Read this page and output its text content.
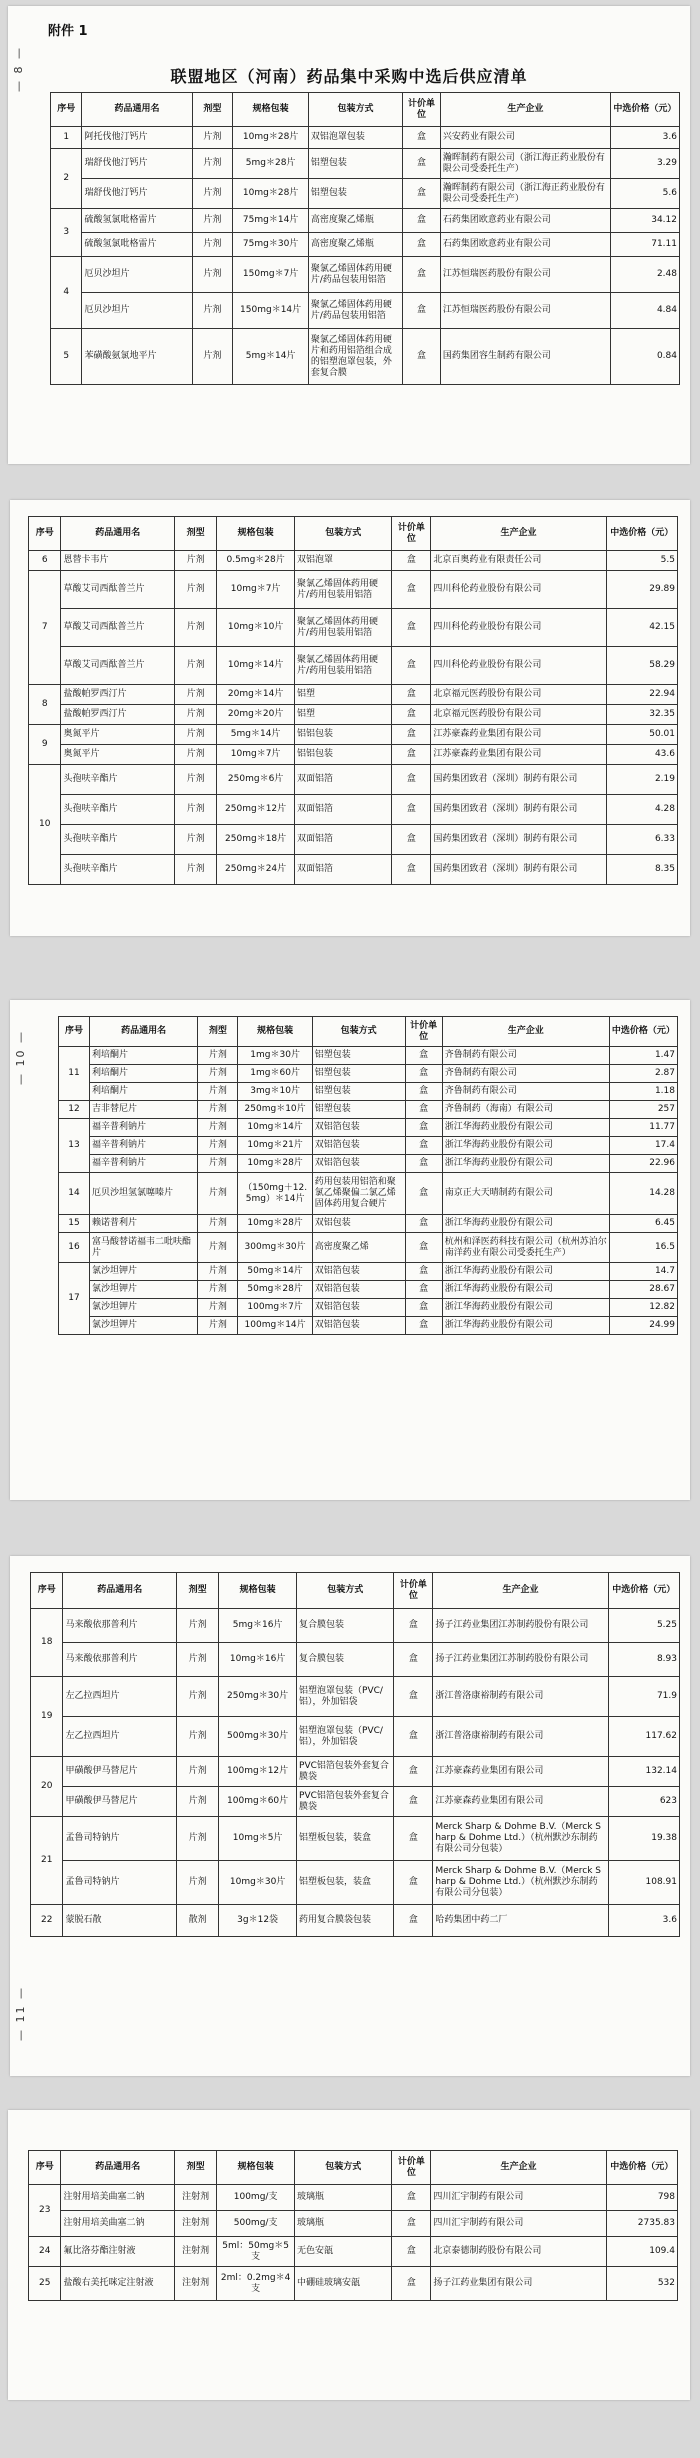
附件 1
— 8 —	联盟地区（河南）药品集中采购中选后供应清单
序号	药品通用名	剂型	规格包装	包装方式	计价单位	生产企业	中选价格（元）
1	阿托伐他汀钙片	片剂	10mg＊28片	双铝泡罩包装	盒	兴安药业有限公司	3.6
2	瑞舒伐他汀钙片	片剂	5mg＊28片	铝塑包装	盒	瀚晖制药有限公司（浙江海正药业股份有限公司受委托生产）	3.29
	瑞舒伐他汀钙片	片剂	10mg＊28片	铝塑包装	盒	瀚晖制药有限公司（浙江海正药业股份有限公司受委托生产）	5.6
3	硫酸氢氯吡格雷片	片剂	75mg＊14片	高密度聚乙烯瓶	盒	石药集团欧意药业有限公司	34.12
	硫酸氢氯吡格雷片	片剂	75mg＊30片	高密度聚乙烯瓶	盒	石药集团欧意药业有限公司	71.11
4	厄贝沙坦片	片剂	150mg＊7片	聚氯乙烯固体药用硬片/药品包装用铝箔	盒	江苏恒瑞医药股份有限公司	2.48
	厄贝沙坦片	片剂	150mg＊14片	聚氯乙烯固体药用硬片/药品包装用铝箔	盒	江苏恒瑞医药股份有限公司	4.84
5	苯磺酸氨氯地平片	片剂	5mg＊14片	聚氯乙烯固体药用硬片和药用铝箔组合成的铝塑泡罩包装，外套复合膜	盒	国药集团容生制药有限公司	0.84
序号	药品通用名	剂型	规格包装	包装方式	计价单位	生产企业	中选价格（元）
6	恩替卡韦片	片剂	0.5mg＊28片	双铝泡罩	盒	北京百奥药业有限责任公司	5.5
7	草酸艾司西酞普兰片	片剂	10mg＊7片	聚氯乙烯固体药用硬片/药用包装用铝箔	盒	四川科伦药业股份有限公司	29.89
	草酸艾司西酞普兰片	片剂	10mg＊10片	聚氯乙烯固体药用硬片/药用包装用铝箔	盒	四川科伦药业股份有限公司	42.15
	草酸艾司西酞普兰片	片剂	10mg＊14片	聚氯乙烯固体药用硬片/药用包装用铝箔	盒	四川科伦药业股份有限公司	58.29
8	盐酸帕罗西汀片	片剂	20mg＊14片	铝塑	盒	北京福元医药股份有限公司	22.94
	盐酸帕罗西汀片	片剂	20mg＊20片	铝塑	盒	北京福元医药股份有限公司	32.35
9	奥氮平片	片剂	5mg＊14片	铝铝包装	盒	江苏豪森药业集团有限公司	50.01
	奥氮平片	片剂	10mg＊7片	铝铝包装	盒	江苏豪森药业集团有限公司	43.6
10	头孢呋辛酯片	片剂	250mg＊6片	双面铝箔	盒	国药集团致君（深圳）制药有限公司	2.19
	头孢呋辛酯片	片剂	250mg＊12片	双面铝箔	盒	国药集团致君（深圳）制药有限公司	4.28
	头孢呋辛酯片	片剂	250mg＊18片	双面铝箔	盒	国药集团致君（深圳）制药有限公司	6.33
	头孢呋辛酯片	片剂	250mg＊24片	双面铝箔	盒	国药集团致君（深圳）制药有限公司	8.35
— 10 —	序号	药品通用名	剂型	规格包装	包装方式	计价单位	生产企业	中选价格（元）
11	利培酮片	片剂	1mg＊30片	铝塑包装	盒	齐鲁制药有限公司	1.47
	利培酮片	片剂	1mg＊60片	铝塑包装	盒	齐鲁制药有限公司	2.87
	利培酮片	片剂	3mg＊10片	铝塑包装	盒	齐鲁制药有限公司	1.18
12	吉非替尼片	片剂	250mg＊10片	铝塑包装	盒	齐鲁制药（海南）有限公司	257
13	福辛普利钠片	片剂	10mg＊14片	双铝箔包装	盒	浙江华海药业股份有限公司	11.77
	福辛普利钠片	片剂	10mg＊21片	双铝箔包装	盒	浙江华海药业股份有限公司	17.4
	福辛普利钠片	片剂	10mg＊28片	双铝箔包装	盒	浙江华海药业股份有限公司	22.96
14	厄贝沙坦氢氯噻嗪片	片剂	（150mg＋12.5mg）＊14片	药用包装用铝箔和聚氯乙烯聚偏二氯乙烯固体药用复合硬片	盒	南京正大天晴制药有限公司	14.28
15	赖诺普利片	片剂	10mg＊28片	双铝包装	盒	浙江华海药业股份有限公司	6.45
16	富马酸替诺福韦二吡呋酯片	片剂	300mg＊30片	高密度聚乙烯	盒	杭州和泽医药科技有限公司（杭州苏泊尔南洋药业有限公司受委托生产）	16.5
17	氯沙坦钾片	片剂	50mg＊14片	双铝箔包装	盒	浙江华海药业股份有限公司	14.7
	氯沙坦钾片	片剂	50mg＊28片	双铝箔包装	盒	浙江华海药业股份有限公司	28.67
	氯沙坦钾片	片剂	100mg＊7片	双铝箔包装	盒	浙江华海药业股份有限公司	12.82
	氯沙坦钾片	片剂	100mg＊14片	双铝箔包装	盒	浙江华海药业股份有限公司	24.99
— 11 —
序号	药品通用名	剂型	规格包装	包装方式	计价单位	生产企业	中选价格（元）
18	马来酸依那普利片	片剂	5mg＊16片	复合膜包装	盒	扬子江药业集团江苏制药股份有限公司	5.25
	马来酸依那普利片	片剂	10mg＊16片	复合膜包装	盒	扬子江药业集团江苏制药股份有限公司	8.93
19	左乙拉西坦片	片剂	250mg＊30片	铝塑泡罩包装（PVC/铝），外加铝袋	盒	浙江普洛康裕制药有限公司	71.9
	左乙拉西坦片	片剂	500mg＊30片	铝塑泡罩包装（PVC/铝），外加铝袋	盒	浙江普洛康裕制药有限公司	117.62
20	甲磺酸伊马替尼片	片剂	100mg＊12片	PVC铝箔包装外套复合膜袋	盒	江苏豪森药业集团有限公司	132.14
	甲磺酸伊马替尼片	片剂	100mg＊60片	PVC铝箔包装外套复合膜袋	盒	江苏豪森药业集团有限公司	623
21	孟鲁司特钠片	片剂	10mg＊5片	铝塑板包装，装盒	盒	Merck Sharp & Dohme B.V.（Merck Sharp & Dohme Ltd.）（杭州默沙东制药有限公司分包装）	19.38
	孟鲁司特钠片	片剂	10mg＊30片	铝塑板包装，装盒	盒	Merck Sharp & Dohme B.V.（Merck Sharp & Dohme Ltd.）（杭州默沙东制药有限公司分包装）	108.91
22	蒙脱石散	散剂	3g＊12袋	药用复合膜袋包装	盒	哈药集团中药二厂	3.6
序号	药品通用名	剂型	规格包装	包装方式	计价单位	生产企业	中选价格（元）
23	注射用培美曲塞二钠	注射剂	100mg/支	玻璃瓶	盒	四川汇宇制药有限公司	798
	注射用培美曲塞二钠	注射剂	500mg/支	玻璃瓶	盒	四川汇宇制药有限公司	2735.83
24	氟比洛芬酯注射液	注射剂	5ml：50mg＊5支	无色安瓿	盒	北京泰德制药股份有限公司	109.4
25	盐酸右美托咪定注射液	注射剂	2ml：0.2mg＊4支	中硼硅玻璃安瓿	盒	扬子江药业集团有限公司	532
